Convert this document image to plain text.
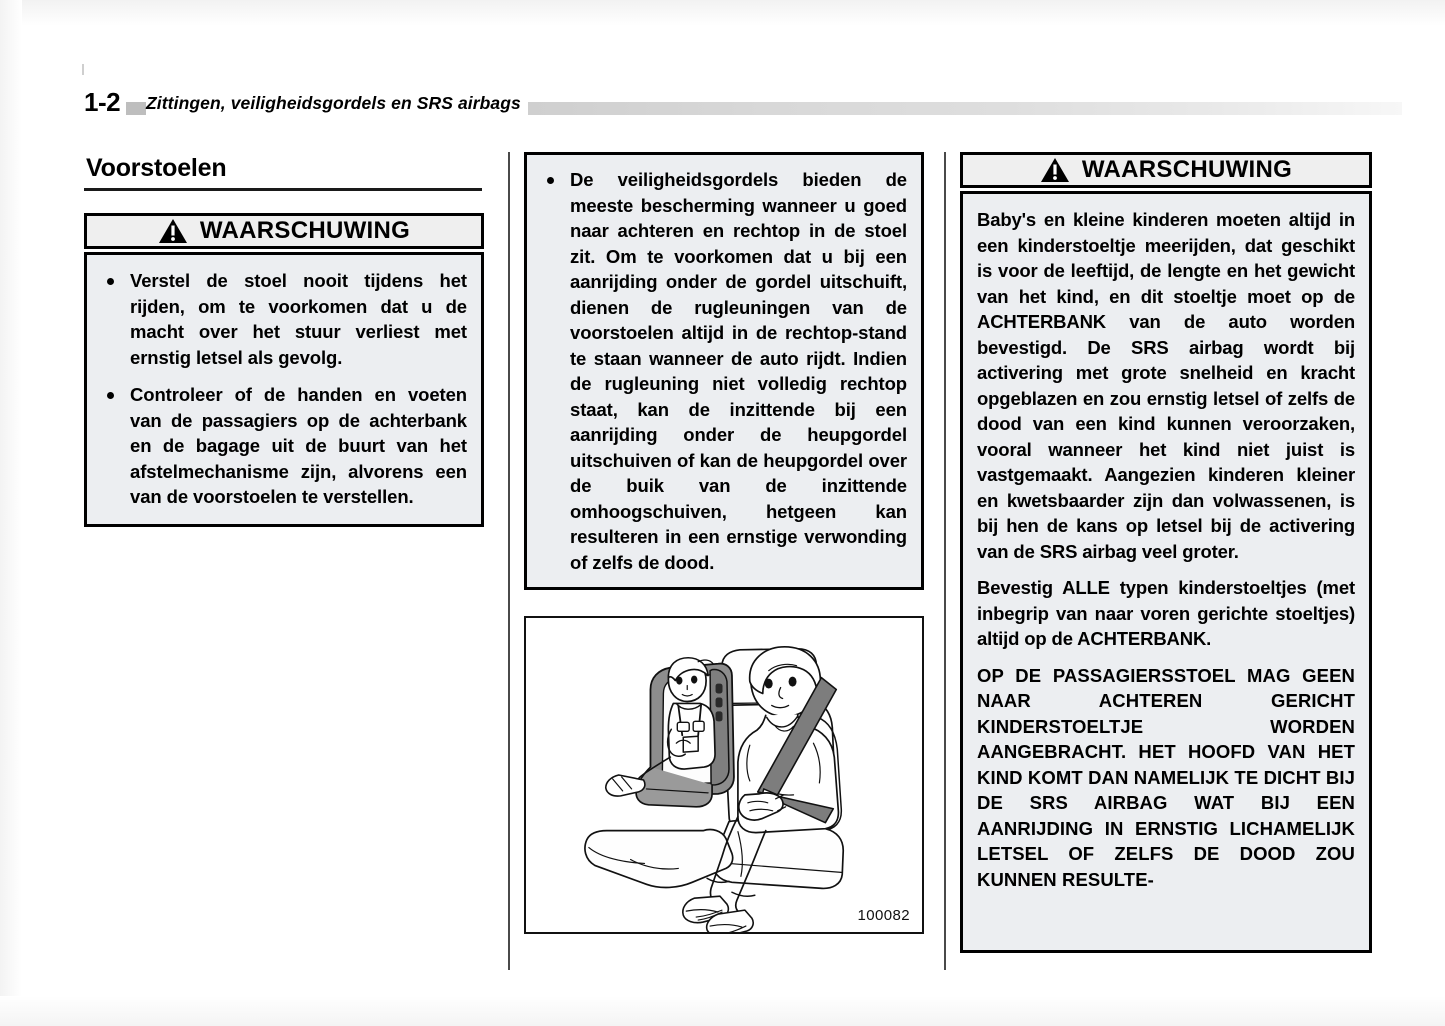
1-2	Zittingen, veiligheidsgordels en SRS airbags
Voorstoelen
WAARSCHUWING
Verstel de stoel nooit tijdens het rijden, om te voorkomen dat u de macht over het stuur verliest met ernstig letsel als gevolg.
Controleer of de handen en voeten van de passagiers op de achterbank en de bagage uit de buurt van het afstelmechanisme zijn, alvorens een van de voorstoelen te verstellen.
De veiligheidsgordels bieden de meeste bescherming wanneer u goed naar achteren en rechtop in de stoel zit. Om te voorkomen dat u bij een aanrijding onder de gordel uitschuift, dienen de rugleuningen van de voorstoelen altijd in de rechtop-stand te staan wanneer de auto rijdt. Indien de rugleuning niet volledig rechtop staat, kan de inzittende bij een aanrijding onder de heupgordel uitschuiven of kan de heupgordel over de buik van de inzittende omhoogschuiven, hetgeen kan resulteren in een ernstige verwonding of zelfs de dood.
100082
WAARSCHUWING

Baby's en kleine kinderen moeten altijd in een kinderstoeltje meerijden, dat geschikt is voor de leeftijd, de lengte en het gewicht van het kind, en dit stoeltje moet op de ACHTERBANK van de auto worden bevestigd. De SRS airbag wordt bij activering met grote snelheid en kracht opgeblazen en zou ernstig letsel of zelfs de dood van een kind kunnen veroorzaken, vooral wanneer het kind niet juist is vastgemaakt. Aangezien kinderen kleiner en kwetsbaarder zijn dan volwassenen, is bij hen de kans op letsel bij de activering van de SRS airbag veel groter.

Bevestig ALLE typen kinderstoeltjes (met inbegrip van naar voren gerichte stoeltjes) altijd op de ACHTERBANK.

OP DE PASSAGIERSSTOEL MAG GEEN NAAR ACHTEREN GERICHT KINDERSTOELTJE WORDEN AANGEBRACHT. HET HOOFD VAN HET KIND KOMT DAN NAMELIJK TE DICHT BIJ DE SRS AIRBAG WAT BIJ EEN AANRIJDING IN ERNSTIG LICHAMELIJK LETSEL OF ZELFS DE DOOD ZOU KUNNEN RESULTE-
